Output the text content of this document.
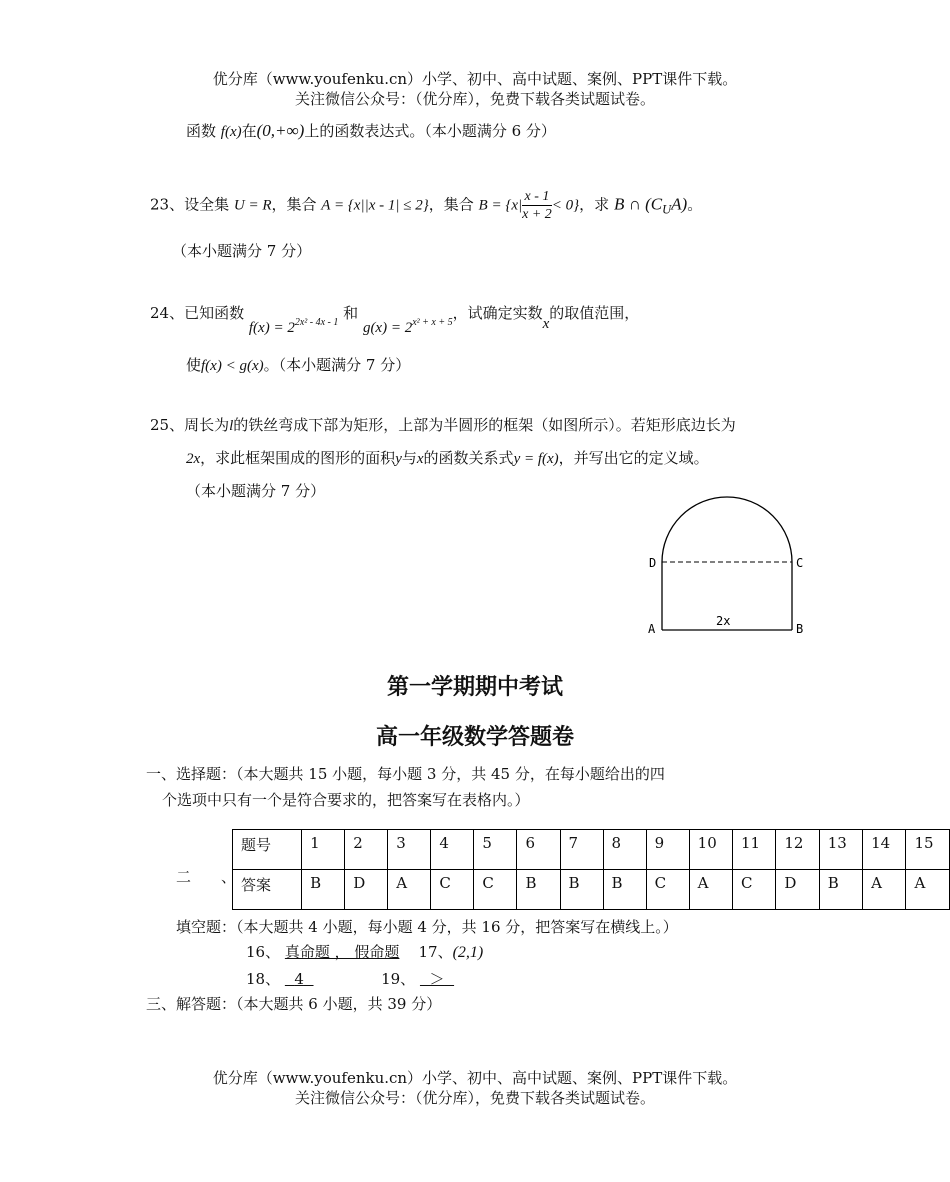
优分库（www.youfenku.cn）小学、初中、高中试题、案例、PPT课件下载。
关注微信公众号：（优分库），免费下载各类试题试卷。
函数 f(x)在(0,+∞)上的函数表达式。（本小题满分 6 分）
23、设全集 U = R，集合 A = {x||x - 1| ≤ 2}，集合 $B = \{x| \frac{x - 1}{x + 2} < 0\}$，求 B ∩ $(C_UA)$。
（本小题满分 7 分）
24、已知函数 $f(x) = 2^{2x^2 - 4x - 1}$ 和 $g(x) = 2^{x^2 + x + 5}$，试确定实数x的取值范围，
使f(x) < g(x)。（本小题满分 7 分）
25、周长为l的铁丝弯成下部为矩形，上部为半圆形的框架（如图所示）。若矩形底边长为
2x，求此框架围成的图形的面积y与x的函数关系式y = f(x)，并写出它的定义域。
（本小题满分 7 分）
D	C
A	B
2x
第一学期期中考试
高一年级数学答题卷
一、选择题：（本大题共 15 小题，每小题 3 分，共 45 分，在每小题给出的四
个选项中只有一个是符合要求的，把答案写在表格内。）
题号	1	2	3	4	5	6	7	8	9	10	11	12	13	14	15
答案	B	D	A	C	C	B	B	B	C	A	C	D	B	A	A
二　　、
填空题：（本大题共 4 小题，每小题 4 分，共 16 分，把答案写在横线上。）
16、 真命题 ， 假命题 17、(2,1)
18、 4	19、 ＞
三、解答题：（本大题共 6 小题，共 39 分）
优分库（www.youfenku.cn）小学、初中、高中试题、案例、PPT课件下载。
关注微信公众号：（优分库），免费下载各类试题试卷。
